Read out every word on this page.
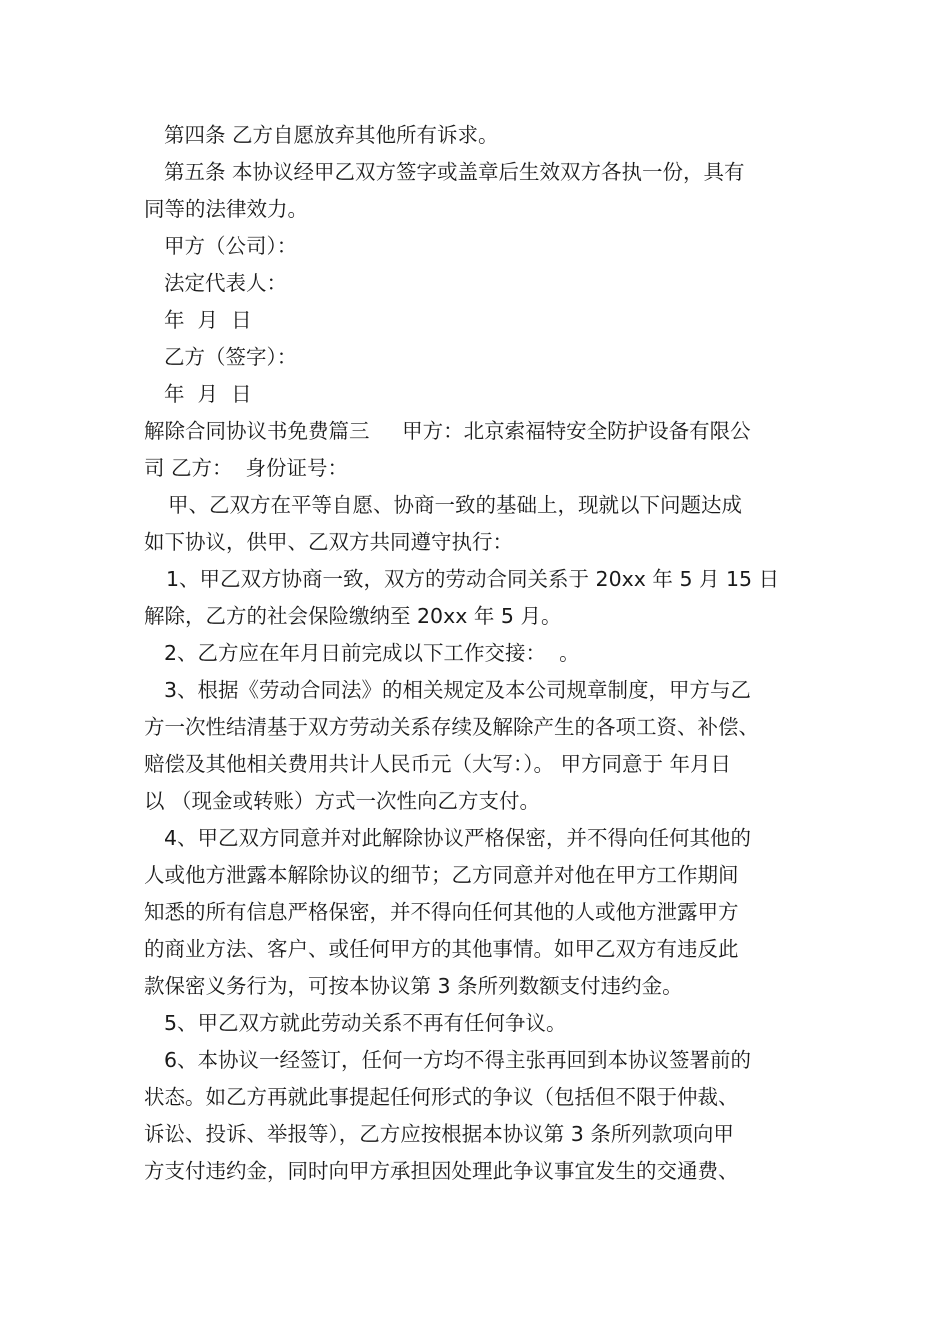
第四条 乙方自愿放弃其他所有诉求。
第五条 本协议经甲乙双方签字或盖章后生效双方各执一份，具有
同等的法律效力。
甲方（公司）：
法定代表人：
年  月  日
乙方（签字）：
年  月  日
解除合同协议书免费篇三     甲方：北京索福特安全防护设备有限公
司 乙方：  身份证号：
甲、乙双方在平等自愿、协商一致的基础上，现就以下问题达成
如下协议，供甲、乙双方共同遵守执行：
1、甲乙双方协商一致，双方的劳动合同关系于 20xx 年 5 月 15 日
解除，乙方的社会保险缴纳至 20xx 年 5 月。
2、乙方应在年月日前完成以下工作交接：  。
3、根据《劳动合同法》的相关规定及本公司规章制度，甲方与乙
方一次性结清基于双方劳动关系存续及解除产生的各项工资、补偿、
赔偿及其他相关费用共计人民币元（大写：）。 甲方同意于 年月日
以 （现金或转账）方式一次性向乙方支付。
4、甲乙双方同意并对此解除协议严格保密，并不得向任何其他的
人或他方泄露本解除协议的细节；乙方同意并对他在甲方工作期间
知悉的所有信息严格保密，并不得向任何其他的人或他方泄露甲方
的商业方法、客户、或任何甲方的其他事情。如甲乙双方有违反此
款保密义务行为，可按本协议第 3 条所列数额支付违约金。
5、甲乙双方就此劳动关系不再有任何争议。
6、本协议一经签订，任何一方均不得主张再回到本协议签署前的
状态。如乙方再就此事提起任何形式的争议（包括但不限于仲裁、
诉讼、投诉、举报等），乙方应按根据本协议第 3 条所列款项向甲
方支付违约金，同时向甲方承担因处理此争议事宜发生的交通费、
